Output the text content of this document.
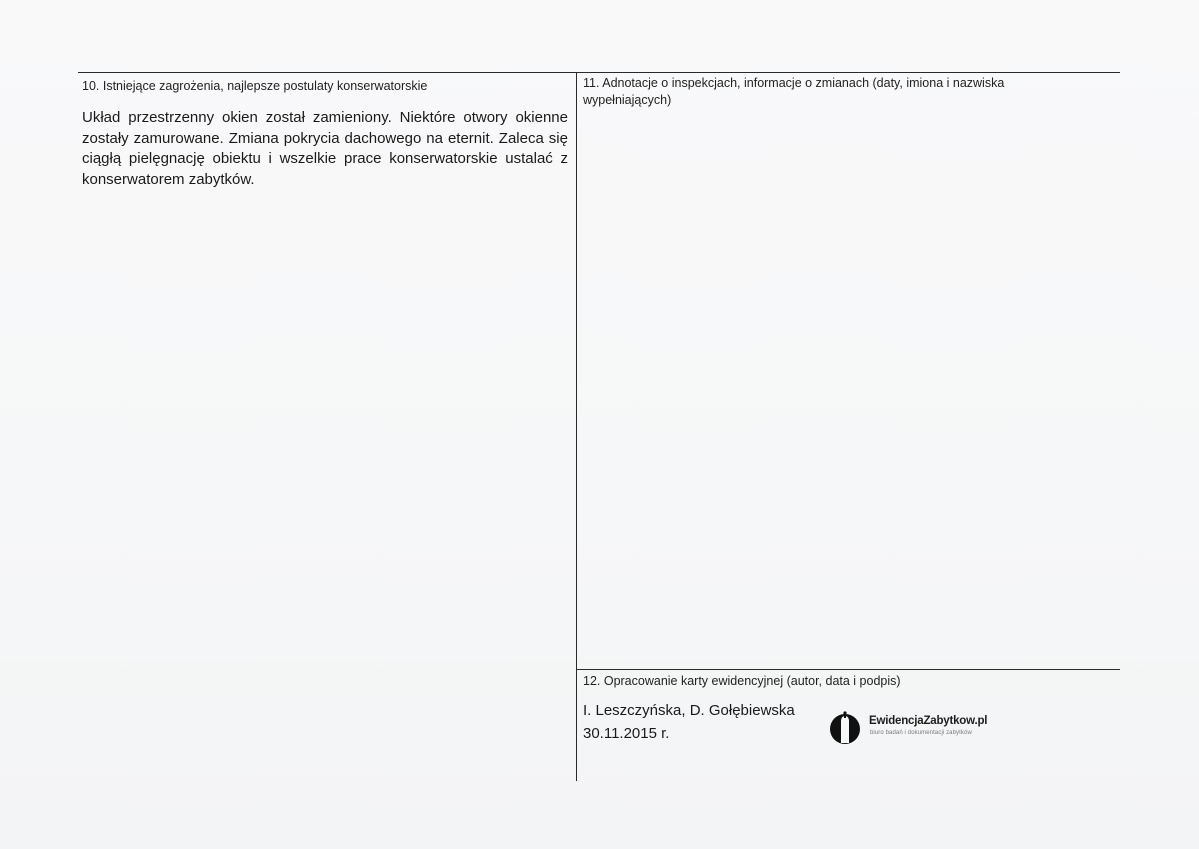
10. Istniejące zagrożenia, najlepsze postulaty konserwatorskie

Układ przestrzenny okien został zamieniony. Niektóre otwory okienne zostały zamurowane. Zmiana pokrycia dachowego na eternit. Zaleca się ciągłą pielęgnację obiektu i wszelkie prace konserwatorskie ustalać z konserwatorem zabytków.

11. Adnotacje o inspekcjach, informacje o zmianach (daty, imiona i nazwiska wypełniających)
12. Opracowanie karty ewidencyjnej (autor, data i podpis)
I. Leszczyńska, D. Gołębiewska
30.11.2015 r.
EwidencjaZabytkow.pl
biuro badań i dokumentacji zabytków
